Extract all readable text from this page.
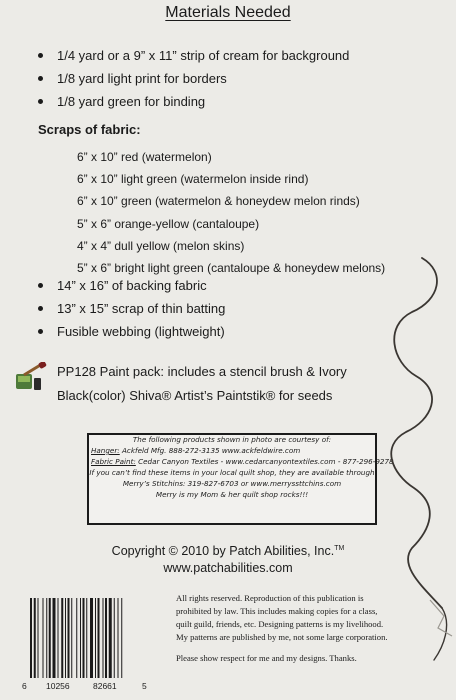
Materials Needed
1/4 yard or a 9” x 11” strip of cream for background
1/8 yard light print for borders
1/8 yard green for binding
Scraps of fabric:
6” x 10” red (watermelon)
6” x 10” light green (watermelon inside rind)
6” x 10” green (watermelon & honeydew melon rinds)
5” x 6” orange-yellow (cantaloupe)
4” x 4” dull yellow (melon skins)
5” x 6” bright light green (cantaloupe & honeydew melons)
14” x 16” of backing fabric
13” x 15” scrap of thin batting
Fusible webbing (lightweight)
PP128 Paint pack: includes a stencil brush & Ivory
Black(color) Shiva® Artist’s Paintstik® for seeds
The following products shown in photo are courtesy of:
Hanger: Ackfeld Mfg. 888-272-3135 www.ackfeldwire.com
Fabric Paint: Cedar Canyon Textiles - www.cedarcanyontextiles.com - 877-296-9278
If you can’t find these items in your local quilt shop, they are available through
Merry’s Stitchins: 319-827-6703 or www.merryssttchins.com
Merry is my Mom & her quilt shop rocks!!!
Copyright © 2010 by Patch Abilities, Inc.™
www.patchabilities.com
All rights reserved. Reproduction of this publication is
prohibited by law. This includes making copies for a class,
quilt guild, friends, etc. Designing patterns is my livelihood.
My patterns are published by me, not some large corporation.
Please show respect for me and my designs. Thanks.
6 10256	82661	5
